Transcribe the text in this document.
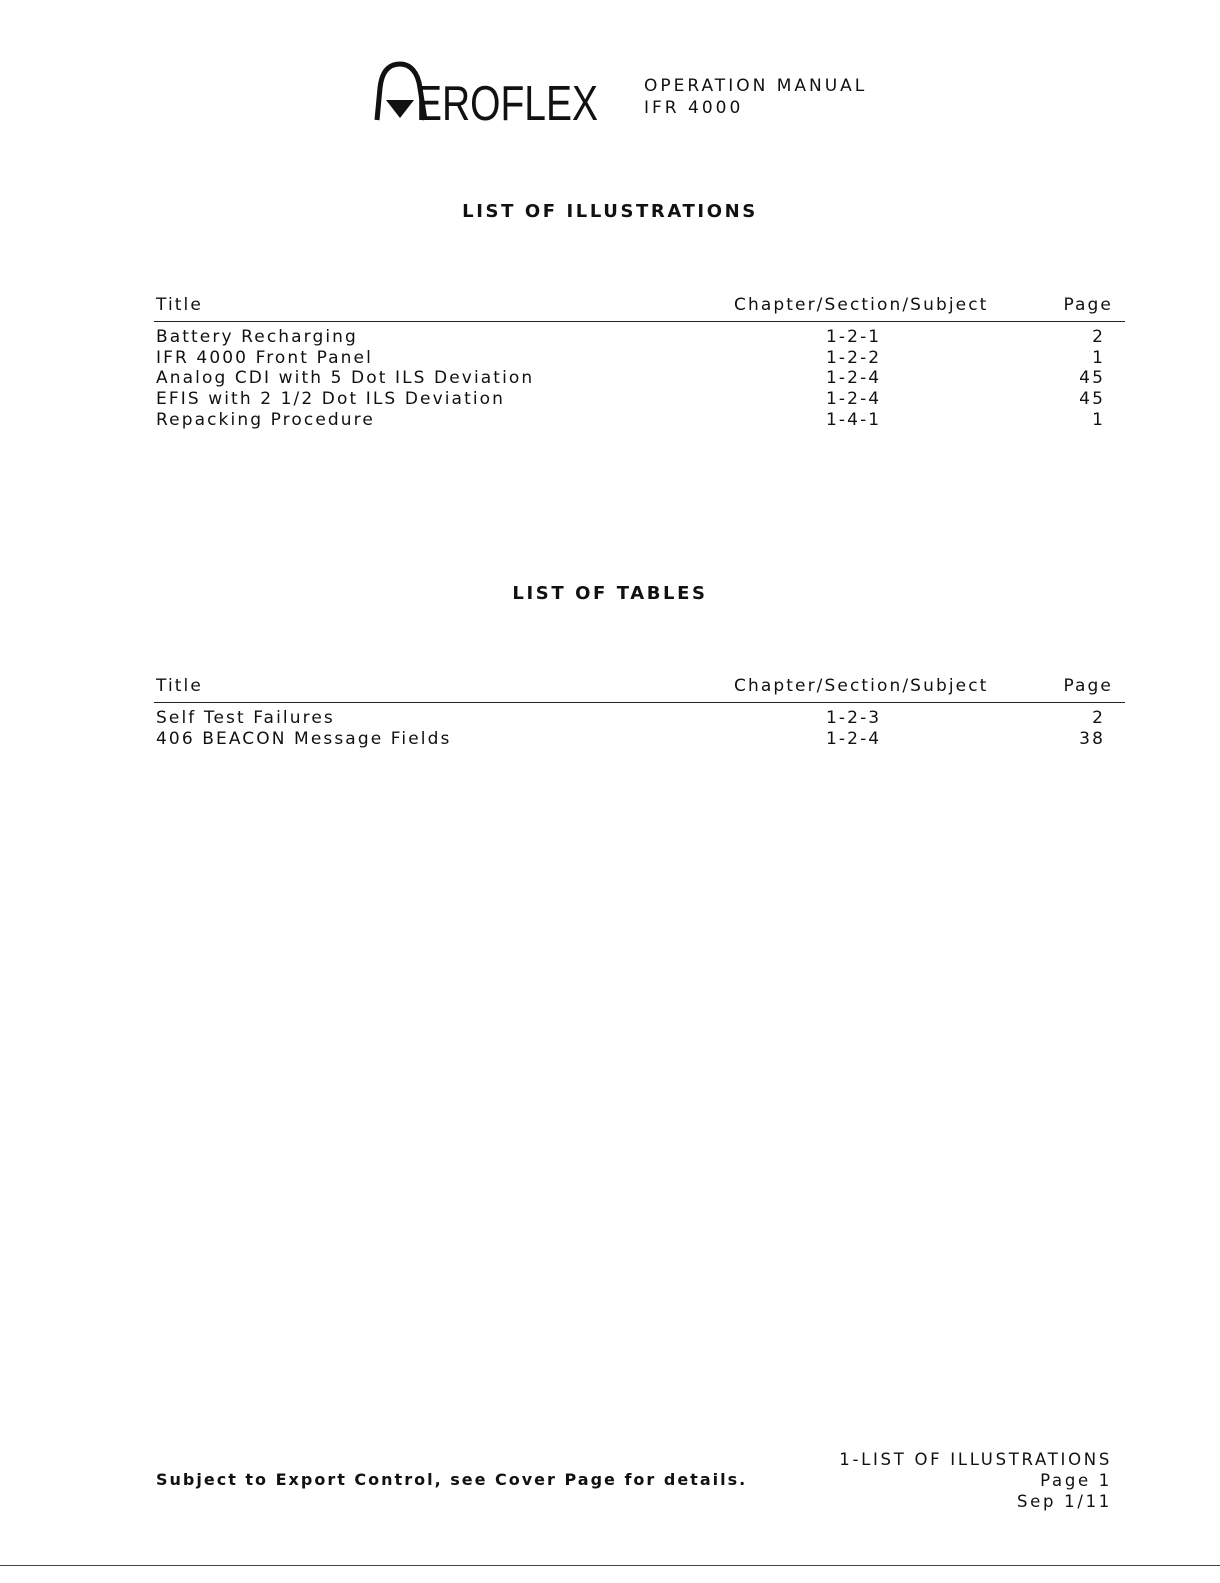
EROFLEX	OPERATION MANUAL
IFR 4000
LIST OF ILLUSTRATIONS
Title	Chapter/Section/Subject	Page
Battery Recharging	1-2-1	2
IFR 4000 Front Panel	1-2-2	1
Analog CDI with 5 Dot ILS Deviation	1-2-4	45
EFIS with 2 1/2 Dot ILS Deviation	1-2-4	45
Repacking Procedure	1-4-1	1
LIST OF TABLES
Title	Chapter/Section/Subject	Page
Self Test Failures	1-2-3	2
406 BEACON Message Fields	1-2-4	38
Subject to Export Control, see Cover Page for details.
1-LIST OF ILLUSTRATIONS
Page 1
Sep 1/11
